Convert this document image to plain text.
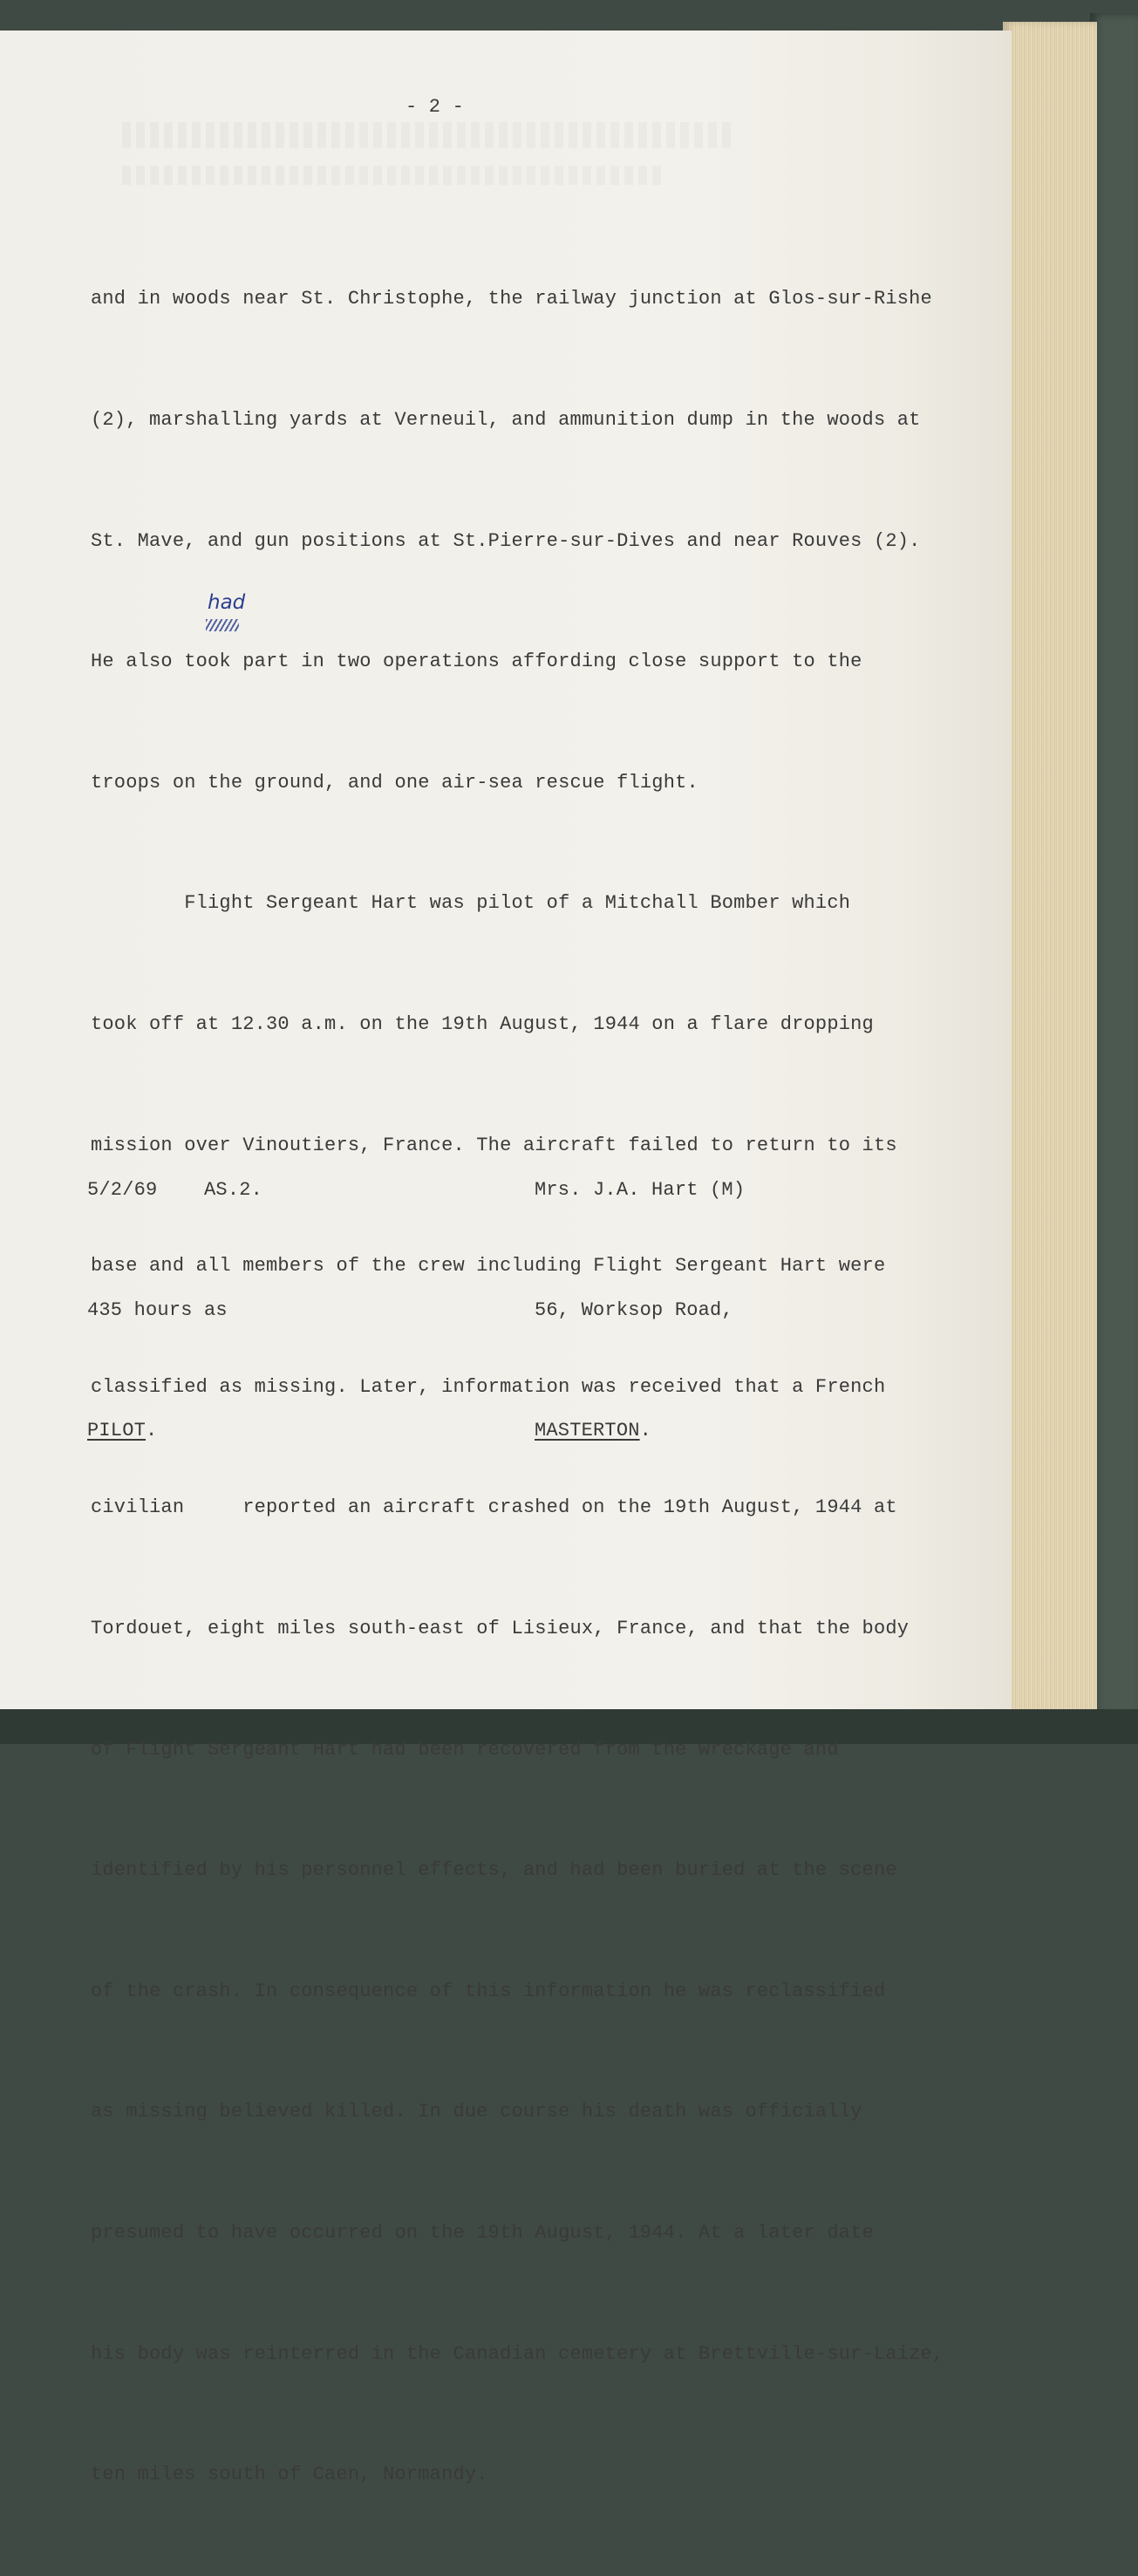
- 2 -

and in woods near St. Christophe, the railway junction at Glos-sur-Rishe

(2), marshalling yards at Verneuil, and ammunition dump in the woods at

St. Mave, and gun positions at St.Pierre-sur-Dives and near Rouves (2).

He also took part in two operations affording close support to the

troops on the ground, and one air-sea rescue flight.

Flight Sergeant Hart was pilot of a Mitchall Bomber which

took off at 12.30 a.m. on the 19th August, 1944 on a flare dropping

mission over Vinoutiers, France. The aircraft failed to return to its

base and all members of the crew including Flight Sergeant Hart were

classified as missing. Later, information was received that a French

civilian     reported an aircraft crashed on the 19th August, 1944 at

Tordouet, eight miles south-east of Lisieux, France, and that the body

of Flight Sergeant Hart had been recovered from the wreckage and

identified by his personnel effects, and had been buried at the scene

of the crash. In consequence of this information he was reclassified

as missing believed killed. In due course his death was officially

presumed to have occurred on the 19th August, 1944. At a later date

his body was reinterred in the Canadian cemetery at Brettville-sur-Laize,

ten miles south of Caen, Normandy.

had

5/2/69 AS.2.

435 hours as

PILOT.

Mrs. J.A. Hart (M)

56, Worksop Road,

MASTERTON.
